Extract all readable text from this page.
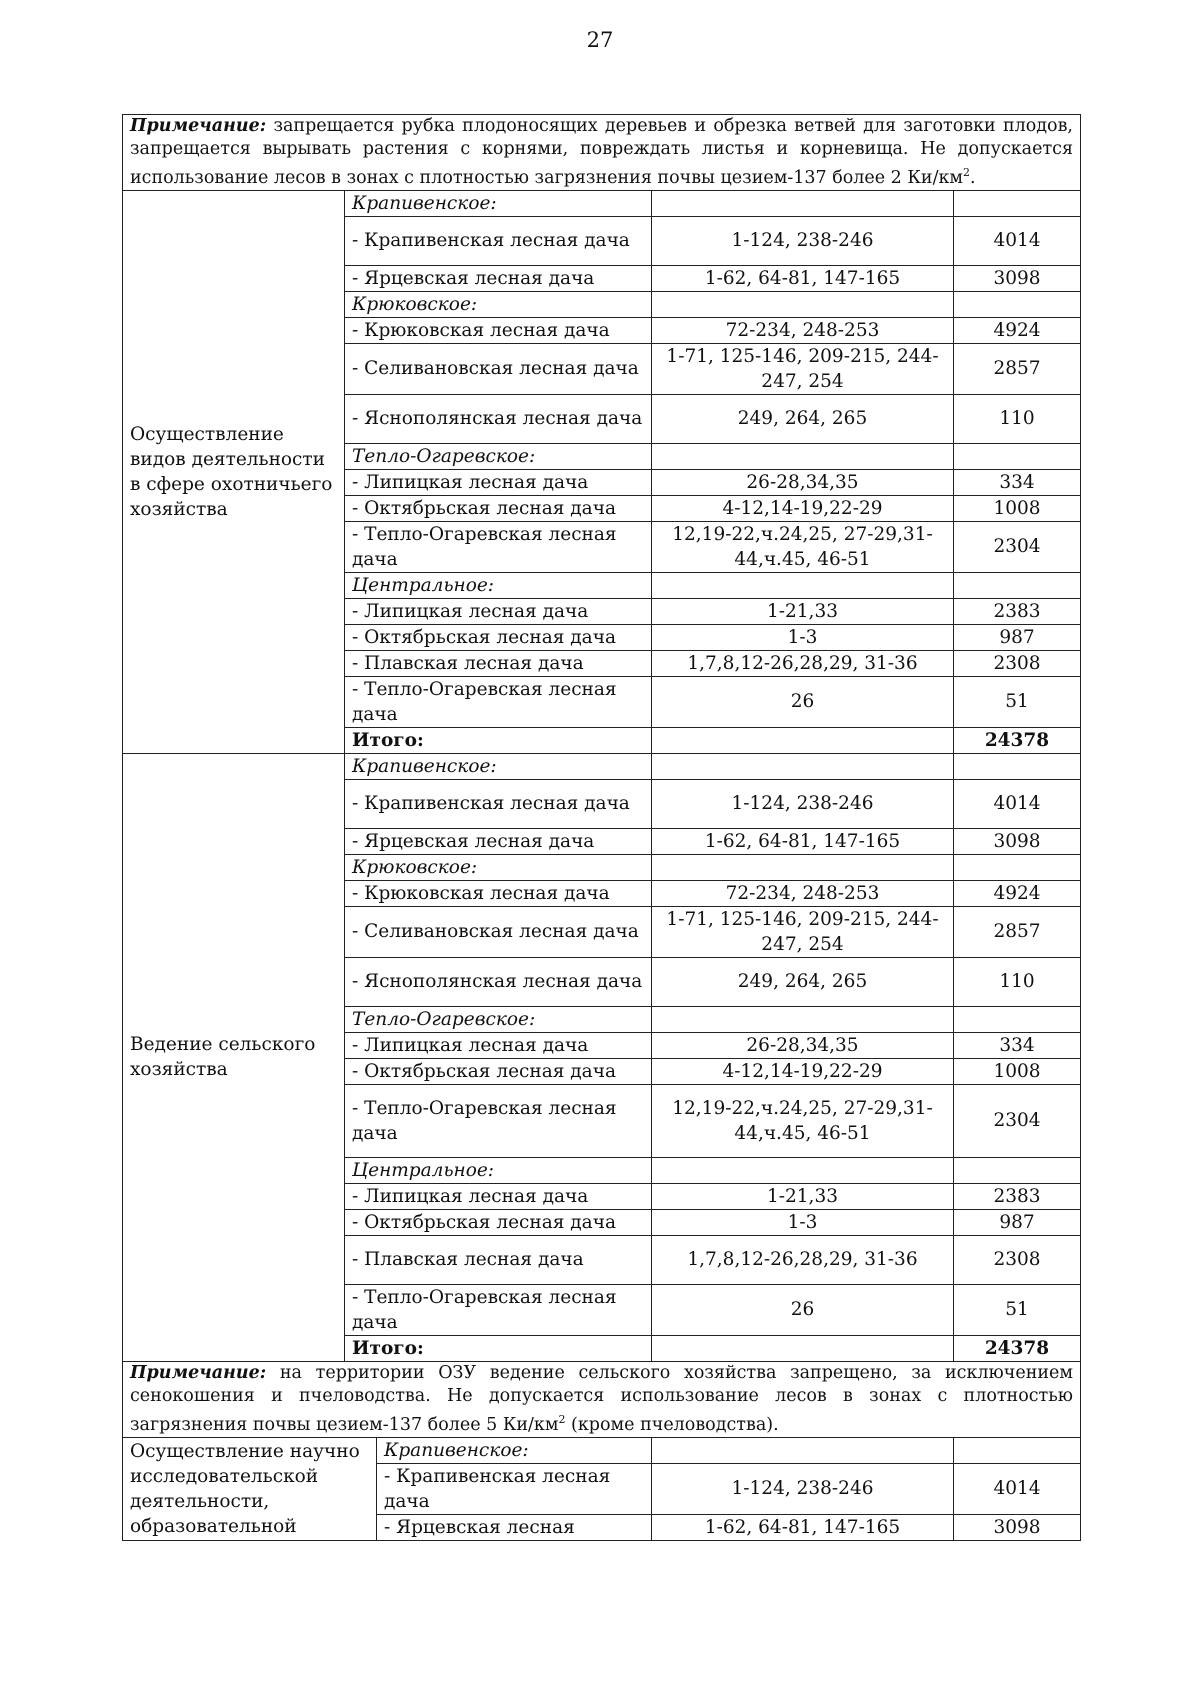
27
Примечание: запрещается рубка плодоносящих деревьев и обрезка ветвей для заготовки плодов, запрещается вырывать растения с корнями, повреждать листья и корневища. Не допускается использование лесов в зонах с плотностью загрязнения почвы цезием-137 более 2 $Ки/км^2$.				
Осуществление видов деятельности в сфере охотничьего хозяйства	Крапивенское:			
	- Крапивенская лесная дача		1-124, 238-246	4014
	- Ярцевская лесная дача		1-62, 64-81, 147-165	3098
	Крюковское:			
	- Крюковская лесная дача		72-234, 248-253	4924
	- Селивановская лесная дача		1-71, 125-146, 209-215, 244-247, 254	2857
	- Яснополянская лесная дача		249, 264, 265	110
	Тепло-Огаревское:			
	- Липицкая лесная дача		26-28,34,35	334
	- Октябрьская лесная дача		4-12,14-19,22-29	1008
	- Тепло-Огаревская лесная дача		12,19-22,ч.24,25, 27-29,31-44,ч.45, 46-51	2304
	Центральное:			
	- Липицкая лесная дача		1-21,33	2383
	- Октябрьская лесная дача		1-3	987
	- Плавская лесная дача		1,7,8,12-26,28,29, 31-36	2308
	- Тепло-Огаревская лесная дача		26	51
	Итого:			24378
Ведение сельского хозяйства	Крапивенское:			
	- Крапивенская лесная дача		1-124, 238-246	4014
	- Ярцевская лесная дача		1-62, 64-81, 147-165	3098
	Крюковское:			
	- Крюковская лесная дача		72-234, 248-253	4924
	- Селивановская лесная дача		1-71, 125-146, 209-215, 244-247, 254	2857
	- Яснополянская лесная дача		249, 264, 265	110
	Тепло-Огаревское:			
	- Липицкая лесная дача		26-28,34,35	334
	- Октябрьская лесная дача		4-12,14-19,22-29	1008
	- Тепло-Огаревская лесная дача		12,19-22,ч.24,25, 27-29,31-44,ч.45, 46-51	2304
	Центральное:			
	- Липицкая лесная дача		1-21,33	2383
	- Октябрьская лесная дача		1-3	987
	- Плавская лесная дача		1,7,8,12-26,28,29, 31-36	2308
	- Тепло-Огаревская лесная дача		26	51
	Итого:			24378
Примечание: на территории ОЗУ ведение сельского хозяйства запрещено, за исключением сенокошения и пчеловодства. Не допускается использование лесов в зонах с плотностью загрязнения почвы цезием-137 более 5 $Ки/км^2$ (кроме пчеловодства).				
Осуществление научно исследовательской деятельности, образовательной		Крапивенское:		
		- Крапивенская лесная дача	1-124, 238-246	4014
		- Ярцевская лесная	1-62, 64-81, 147-165	3098
